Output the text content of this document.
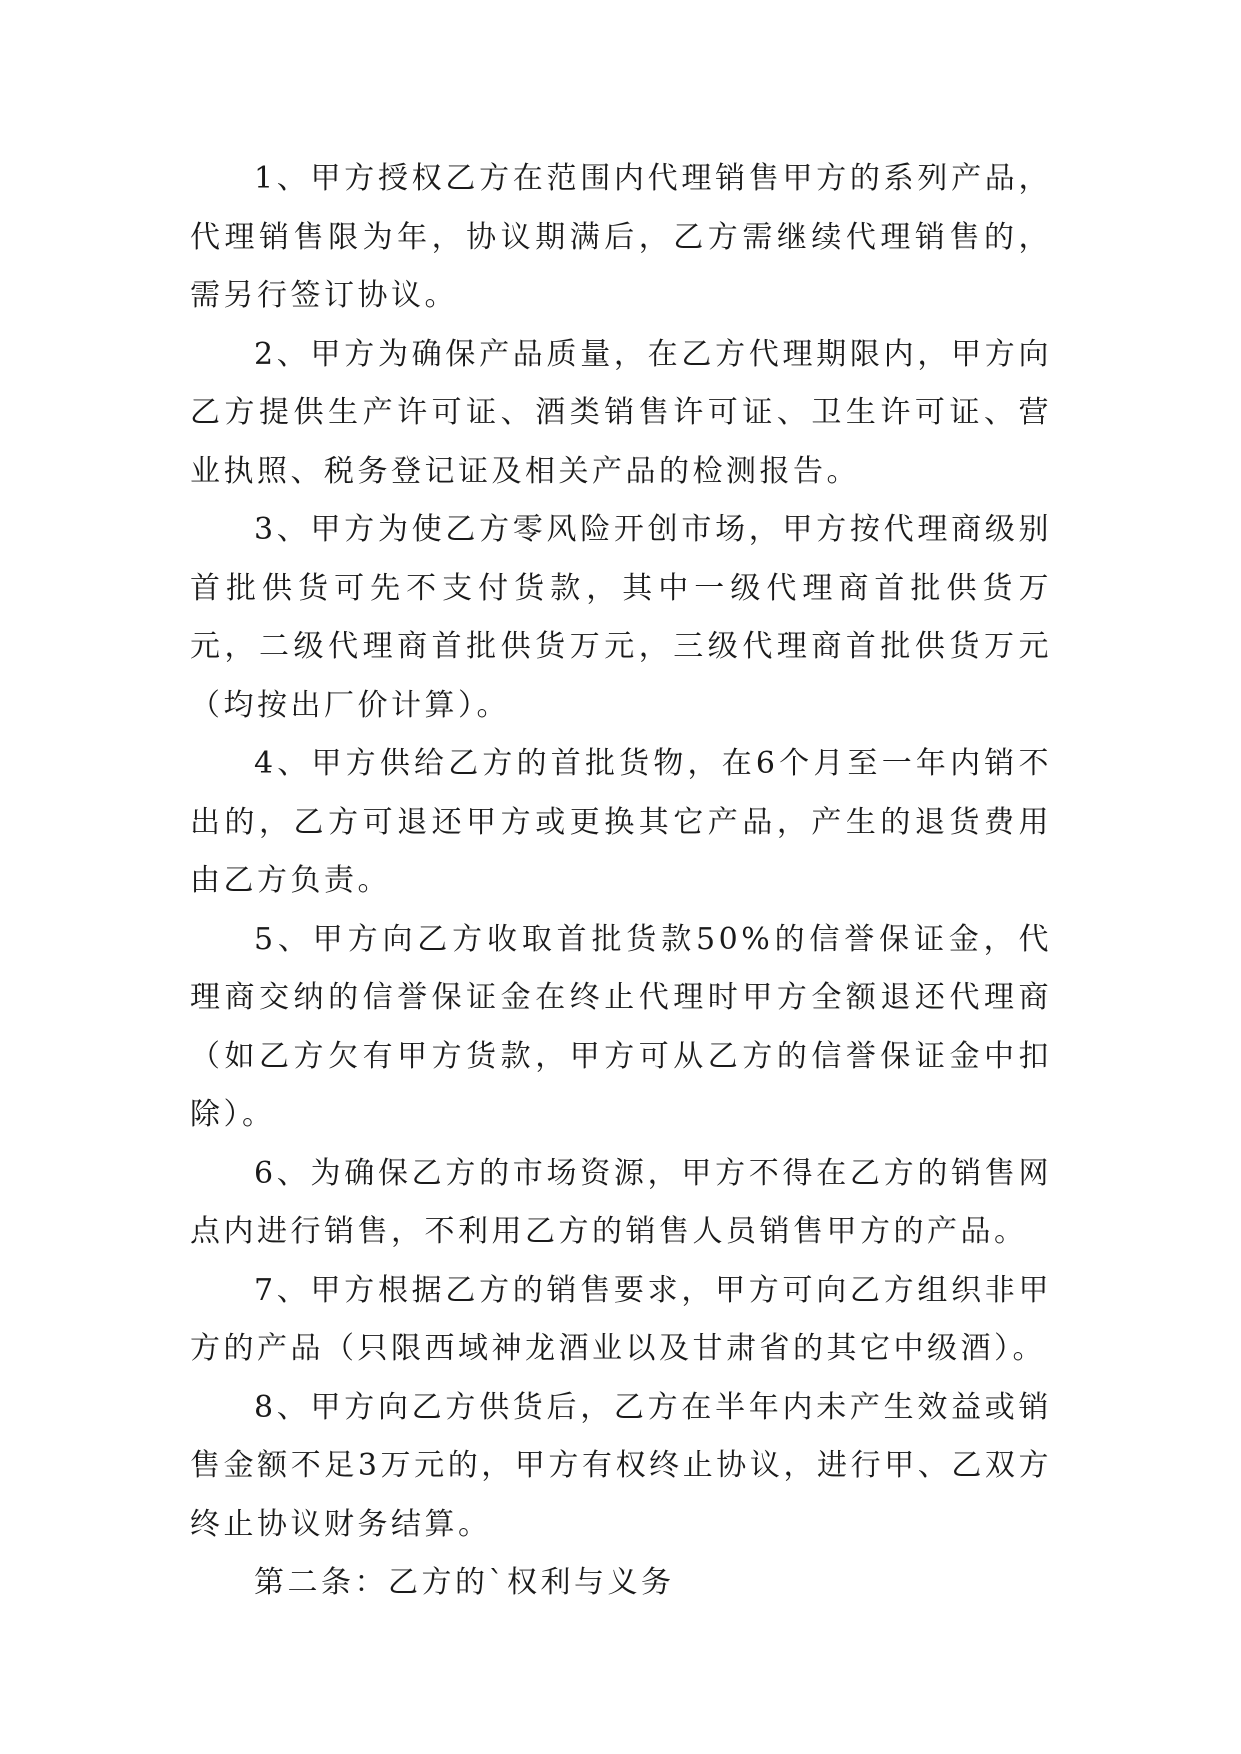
1、甲方授权乙方在范围内代理销售甲方的系列产品，代理销售限为年，协议期满后，乙方需继续代理销售的，需另行签订协议。

2、甲方为确保产品质量，在乙方代理期限内，甲方向乙方提供生产许可证、酒类销售许可证、卫生许可证、营业执照、税务登记证及相关产品的检测报告。

3、甲方为使乙方零风险开创市场，甲方按代理商级别首批供货可先不支付货款，其中一级代理商首批供货万元，二级代理商首批供货万元，三级代理商首批供货万元（均按出厂价计算）。

4、甲方供给乙方的首批货物，在6个月至一年内销不出的，乙方可退还甲方或更换其它产品，产生的退货费用由乙方负责。

5、甲方向乙方收取首批货款50%的信誉保证金，代理商交纳的信誉保证金在终止代理时甲方全额退还代理商（如乙方欠有甲方货款，甲方可从乙方的信誉保证金中扣除）。

6、为确保乙方的市场资源，甲方不得在乙方的销售网点内进行销售，不利用乙方的销售人员销售甲方的产品。

7、甲方根据乙方的销售要求，甲方可向乙方组织非甲方的产品（只限西域神龙酒业以及甘肃省的其它中级酒）。

8、甲方向乙方供货后，乙方在半年内未产生效益或销售金额不足3万元的，甲方有权终止协议，进行甲、乙双方终止协议财务结算。

第二条：乙方的`权利与义务
